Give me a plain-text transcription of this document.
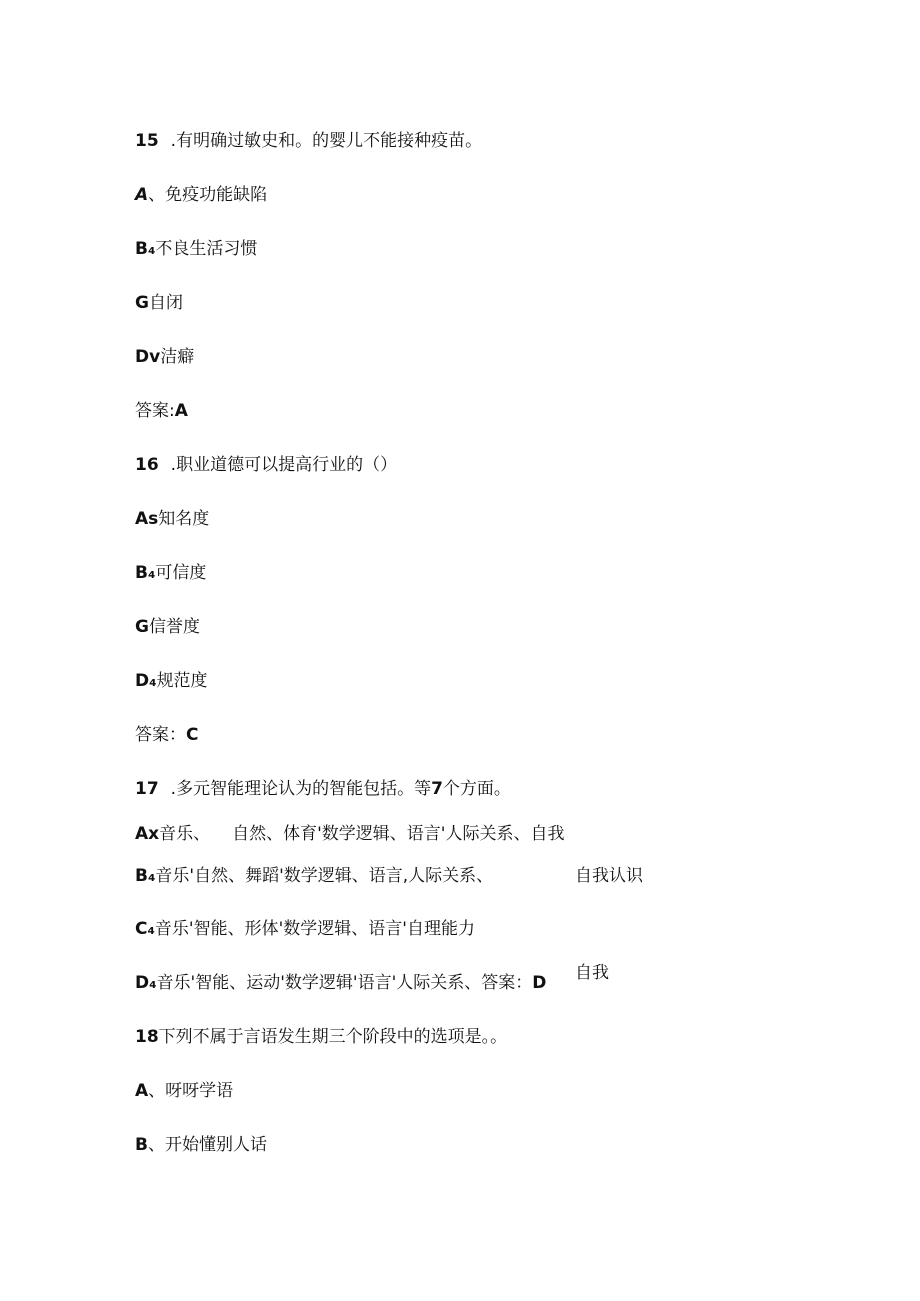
15 .有明确过敏史和。的婴儿不能接种疫苗。
A、免疫功能缺陷
B₄不良生活习惯
G自闭
Dv洁癖
答案:A
16 .职业道德可以提高行业的（）
As知名度
B₄可信度
G信誉度
D₄规范度
答案：C
17 .多元智能理论认为的智能包括。等7个方面。
Ax音乐、 自然、体育'数学逻辑、语言'人际关系、自我
B₄音乐'自然、舞蹈'数学逻辑、语言,人际关系、	自我认识
C₄音乐'智能、形体'数学逻辑、语言'自理能力
自我
D₄音乐'智能、运动'数学逻辑'语言'人际关系、答案：D
18下列不属于言语发生期三个阶段中的选项是。。
A、呀呀学语
B、开始懂别人话
